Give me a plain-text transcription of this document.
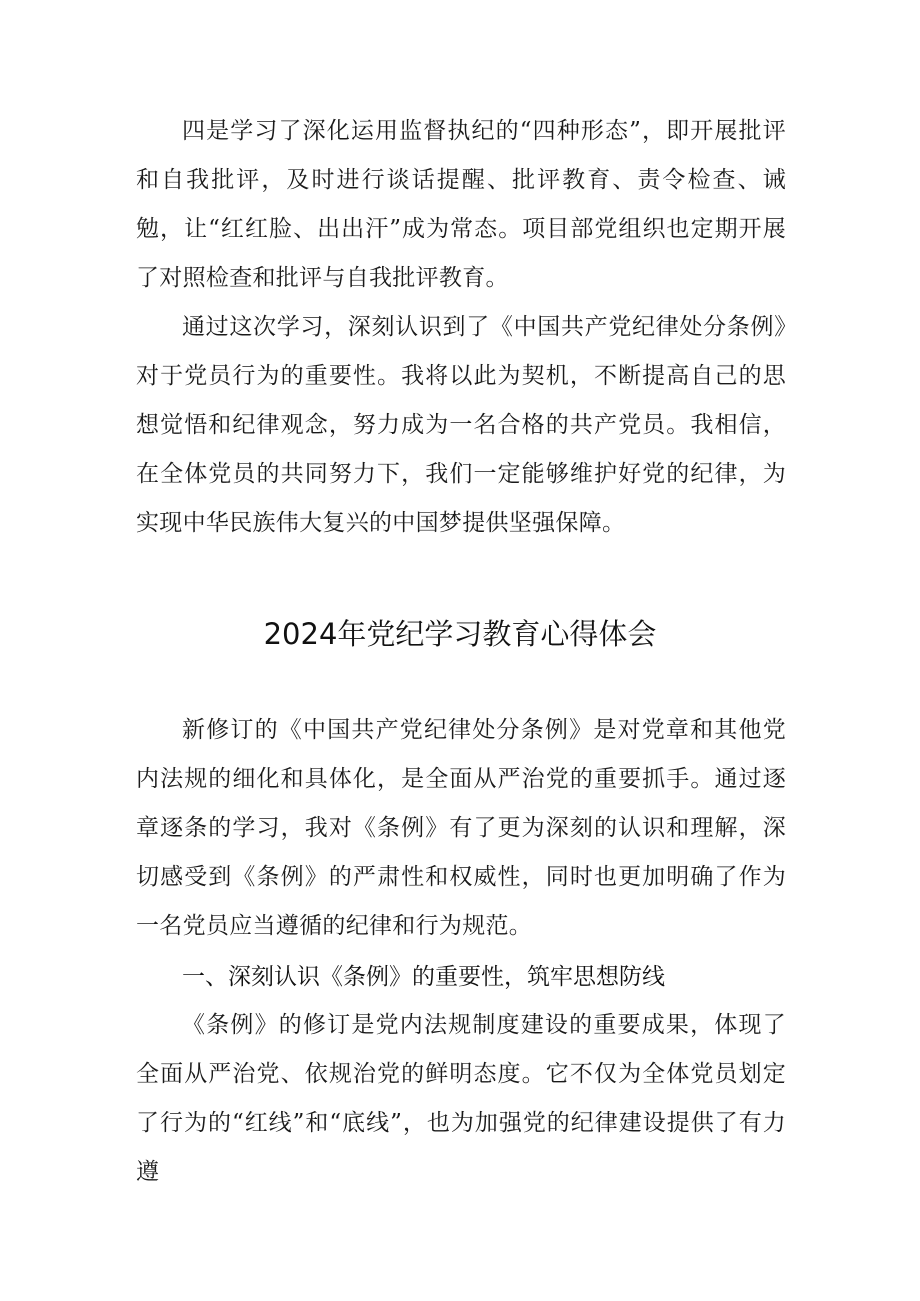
四是学习了深化运用监督执纪的“四种形态”，即开展批评和自我批评，及时进行谈话提醒、批评教育、责令检查、诫勉，让“红红脸、出出汗”成为常态。项目部党组织也定期开展了对照检查和批评与自我批评教育。

通过这次学习，深刻认识到了《中国共产党纪律处分条例》对于党员行为的重要性。我将以此为契机，不断提高自己的思想觉悟和纪律观念，努力成为一名合格的共产党员。我相信，在全体党员的共同努力下，我们一定能够维护好党的纪律，为实现中华民族伟大复兴的中国梦提供坚强保障。

2024年党纪学习教育心得体会

新修订的《中国共产党纪律处分条例》是对党章和其他党内法规的细化和具体化，是全面从严治党的重要抓手。通过逐章逐条的学习，我对《条例》有了更为深刻的认识和理解，深切感受到《条例》的严肃性和权威性，同时也更加明确了作为一名党员应当遵循的纪律和行为规范。

一、深刻认识《条例》的重要性，筑牢思想防线

《条例》的修订是党内法规制度建设的重要成果，体现了全面从严治党、依规治党的鲜明态度。它不仅为全体党员划定了行为的“红线”和“底线”，也为加强党的纪律建设提供了有力遵
